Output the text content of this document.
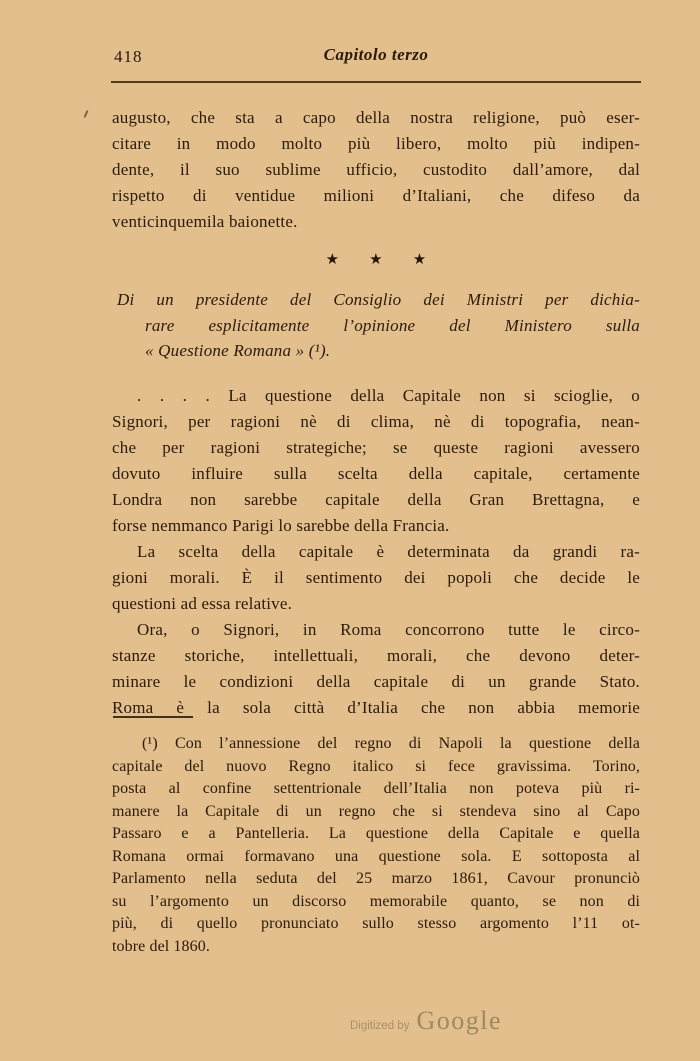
418	Capitolo terzo

augusto, che sta a capo della nostra religione, può eser-
citare in modo molto più libero, molto più indipen-
dente, il suo sublime ufficio, custodito dall’amore, dal
rispetto di ventidue milioni d’Italiani, che difeso da
venticinquemila baionette.

★ ★ ★

Di un presidente del Consiglio dei Ministri per dichia-
rare esplicitamente l’opinione del Ministero sulla
« Questione Romana » (¹).

. . . . La questione della Capitale non si scioglie, o
Signori, per ragioni nè di clima, nè di topografia, nean-
che per ragioni strategiche; se queste ragioni avessero
dovuto influire sulla scelta della capitale, certamente
Londra non sarebbe capitale della Gran Brettagna, e
forse nemmanco Parigi lo sarebbe della Francia.

La scelta della capitale è determinata da grandi ra-
gioni morali. È il sentimento dei popoli che decide le
questioni ad essa relative.

Ora, o Signori, in Roma concorrono tutte le circo-
stanze storiche, intellettuali, morali, che devono deter-
minare le condizioni della capitale di un grande Stato.
Roma è la sola città d’Italia che non abbia memorie

(¹) Con l’annessione del regno di Napoli la questione della
capitale del nuovo Regno italico si fece gravissima. Torino,
posta al confine settentrionale dell’Italia non poteva più ri-
manere la Capitale di un regno che si stendeva sino al Capo
Passaro e a Pantelleria. La questione della Capitale e quella
Romana ormai formavano una questione sola. E sottoposta al
Parlamento nella seduta del 25 marzo 1861, Cavour pronunciò
su l’argomento un discorso memorabile quanto, se non di
più, di quello pronunciato sullo stesso argomento l’11 ot-
tobre del 1860.
Digitized by Google
